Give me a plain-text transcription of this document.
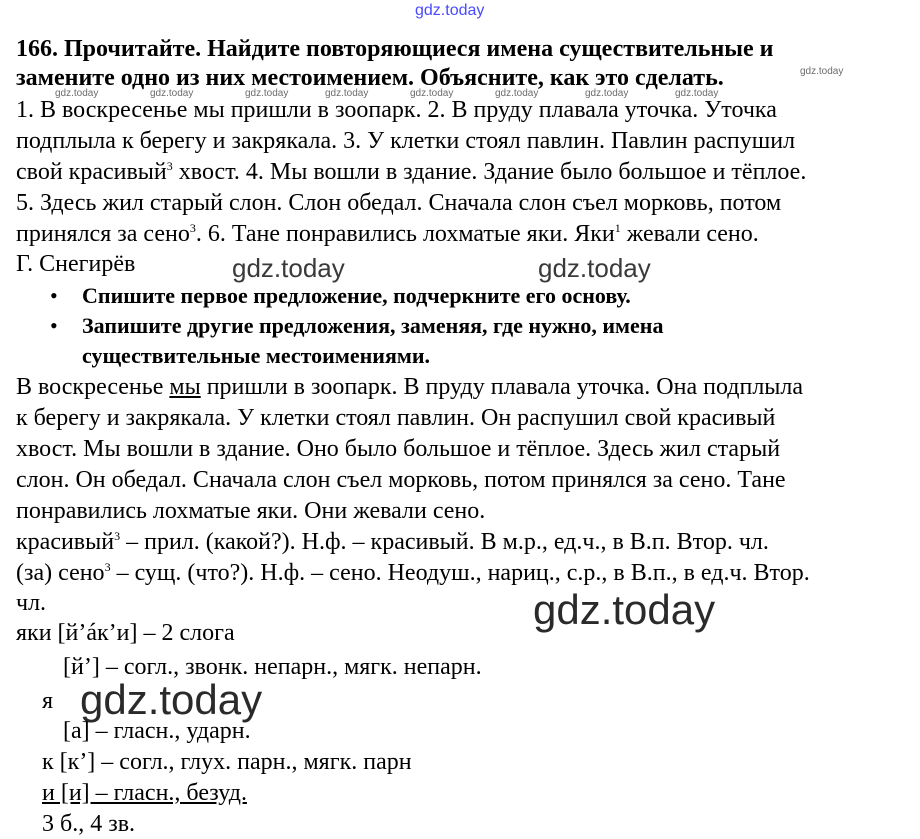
gdz.today
gdz.today	gdz.today	gdz.today	gdz.today	gdz.today	gdz.today	gdz.today	gdz.today
gdz.today
166. Прочитайте. Найдите повторяющиеся имена существительные и
замените одно из них местоимением. Объясните, как это сделать.
1. В воскресенье мы пришли в зоопарк. 2. В пруду плавала уточка. Уточка
подплыла к берегу и закрякала. 3. У клетки стоял павлин. Павлин распушил
свой красивый$^3$ хвост. 4. Мы вошли в здание. Здание было большое и тёплое.
5. Здесь жил старый слон. Слон обедал. Сначала слон съел морковь, потом
принялся за сено$^3$. 6. Тане понравились лохматые яки. Яки$^1$ жевали сено.
Г. Снегирёв	gdz.today	gdz.today
• Спишите первое предложение, подчеркните его основу.
• Запишите другие предложения, заменяя, где нужно, имена
существительные местоимениями.
В воскресенье мы пришли в зоопарк. В пруду плавала уточка. Она подплыла
к берегу и закрякала. У клетки стоял павлин. Он распушил свой красивый
хвост. Мы вошли в здание. Оно было большое и тёплое. Здесь жил старый
слон. Он обедал. Сначала слон съел морковь, потом принялся за сено. Тане
понравились лохматые яки. Они жевали сено.
красивый$^3$ – прил. (какой?). Н.ф. – красивый. В м.р., ед.ч., в В.п. Втор. чл.
(за) сено$^3$ – сущ. (что?). Н.ф. – сено. Неодуш., нариц., с.р., в В.п., в ед.ч. Втор.
чл.	gdz.today
яки [й’áк’и] – 2 слога
[й’] – согл., звонк. непарн., мягк. непарн.
я gdz.today
[а] – гласн., ударн.
к [к’] – согл., глух. парн., мягк. парн
и [и] – гласн., безуд.
3 б., 4 зв.
